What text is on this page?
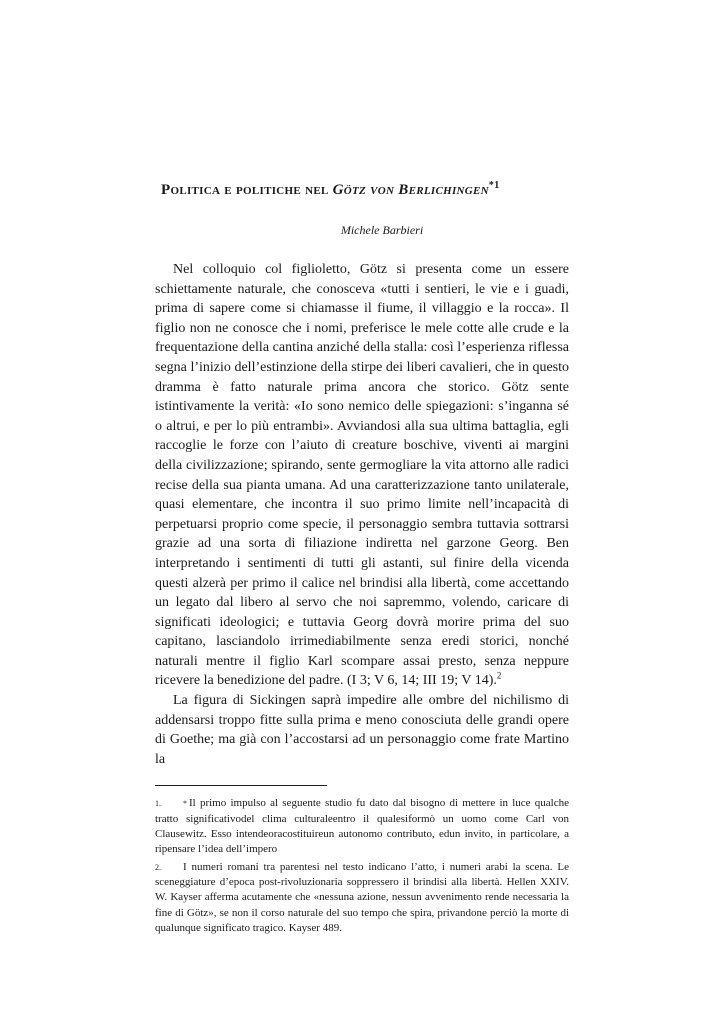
Politica e politiche nel Götz von Berlichingen$^{*1}$

Michele Barbieri

Nel colloquio col figlioletto, Götz si presenta come un essere schiettamente naturale, che conosceva «tutti i sentieri, le vie e i guadi, prima di sapere come si chiamasse il fiume, il villaggio e la rocca». Il figlio non ne conosce che i nomi, preferisce le mele cotte alle crude e la frequentazione della cantina anziché della stalla: così l’esperienza riflessa segna l’inizio dell’estinzione della stirpe dei liberi cavalieri, che in questo dramma è fatto naturale prima ancora che storico. Götz sente istintivamente la verità: «Io sono nemico delle spiegazioni: s’inganna sé o altrui, e per lo più entrambi». Avviandosi alla sua ultima battaglia, egli raccoglie le forze con l’aiuto di creature boschive, viventi ai margini della civilizzazione; spirando, sente germogliare la vita attorno alle radici recise della sua pianta umana. Ad una caratterizzazione tanto unilaterale, quasi elementare, che incontra il suo primo limite nell’incapacità di perpetuarsi proprio come specie, il personaggio sembra tuttavia sottrarsi grazie ad una sorta di filiazione indiretta nel garzone Georg. Ben interpretando i sentimenti di tutti gli astanti, sul finire della vicenda questi alzerà per primo il calice nel brindisi alla libertà, come accettando un legato dal libero al servo che noi sapremmo, volendo, caricare di significati ideologici; e tuttavia Georg dovrà morire prima del suo capitano, lasciandolo irrimediabilmente senza eredi storici, nonché naturali mentre il figlio Karl scompare assai presto, senza neppure ricevere la benedizione del padre. (I 3; V 6, 14; III 19; V 14).$^2$

La figura di Sickingen saprà impedire alle ombre del nichilismo di addensarsi troppo fitte sulla prima e meno conosciuta delle grandi opere di Goethe; ma già con l’accostarsi ad un personaggio come frate Martino la

1.	* Il primo impulso al seguente studio fu dato dal bisogno di mettere in luce qualche tratto significativodel clima culturaleentro il qualesiformò un uomo come Carl von Clausewitz. Esso intendeoracostituireun autonomo contributo, edun invito, in particolare, a ripensare l’idea dell’impero

2. I numeri romani tra parentesi nel testo indicano l’atto, i numeri arabi la scena. Le sceneggiature d’epoca post-rivoluzionaria soppressero il brindisi alla libertà. Hellen XXIV. W. Kayser afferma acutamente che «nessuna azione, nessun avvenimento rende necessaria la fine di Götz», se non il corso naturale del suo tempo che spira, privandone perciò la morte di qualunque significato tragico. Kayser 489.
